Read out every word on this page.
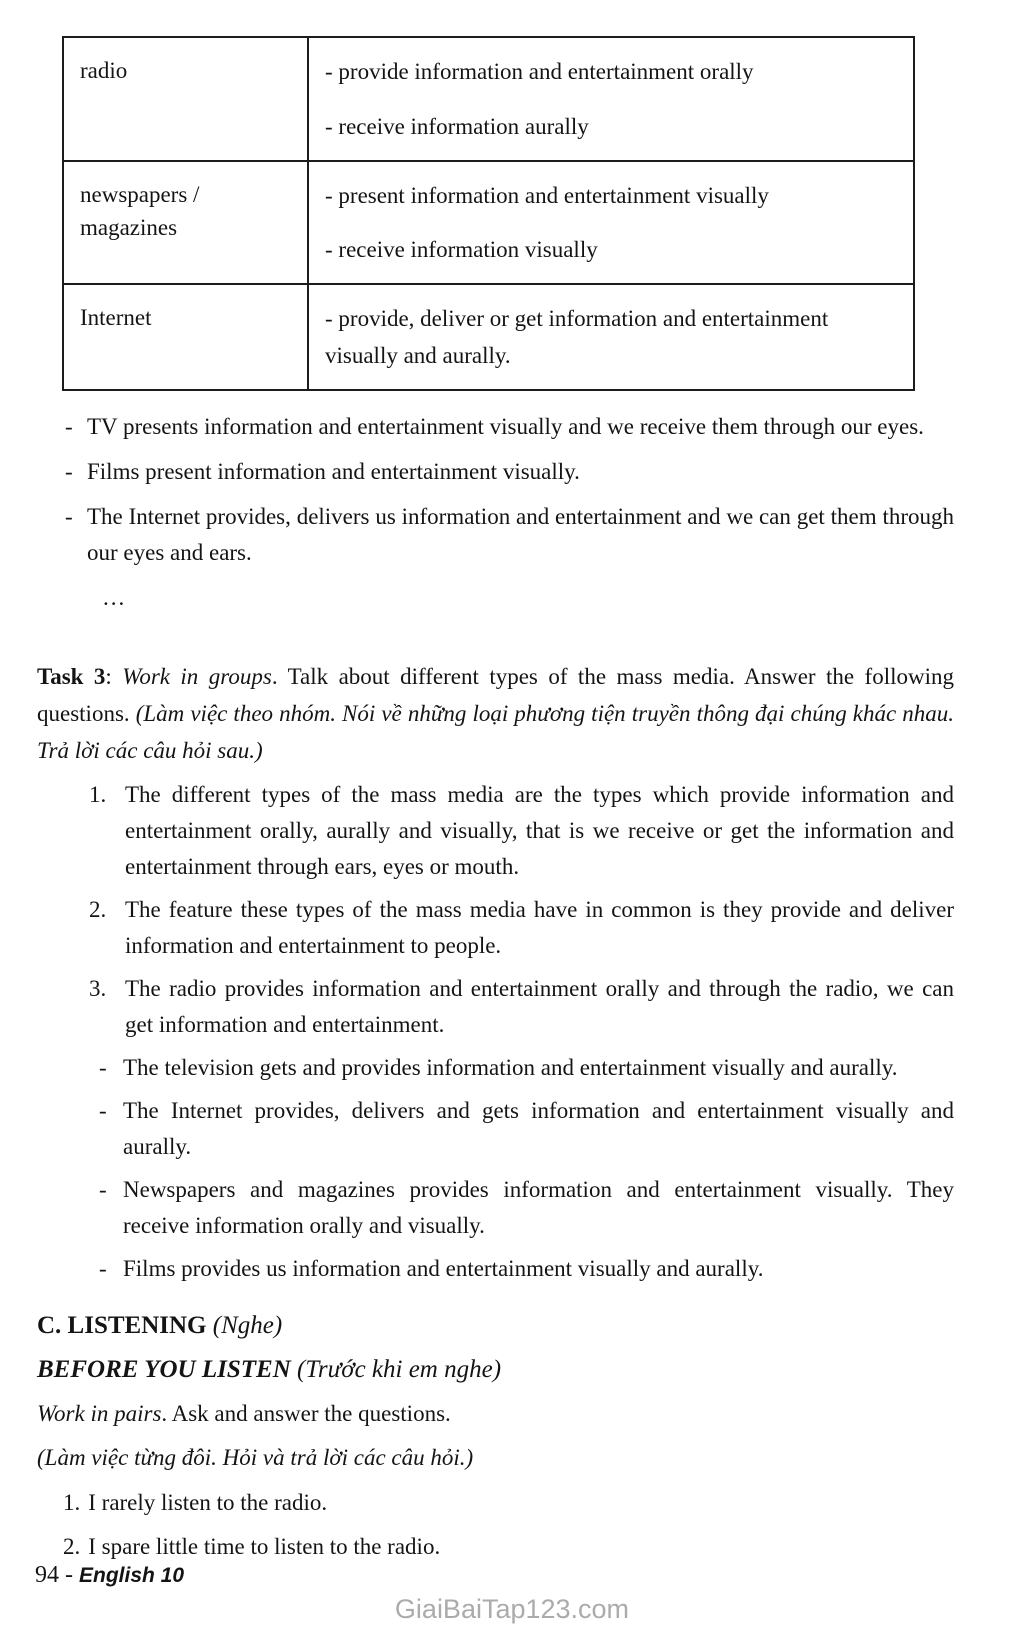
radio	- provide information and entertainment orally
- receive information aurally

newspapers / magazines	- present information and entertainment visually
- receive information visually

Internet	- provide, deliver or get information and entertainment visually and aurally.
- TV presents information and entertainment visually and we receive them through our eyes.
- Films present information and entertainment visually.
- The Internet provides, delivers us information and entertainment and we can get them through our eyes and ears.
...

Task 3: Work in groups. Talk about different types of the mass media. Answer the following questions. (Làm việc theo nhóm. Nói về những loại phương tiện truyền thông đại chúng khác nhau. Trả lời các câu hỏi sau.)

1. The different types of the mass media are the types which provide information and entertainment orally, aurally and visually, that is we receive or get the information and entertainment through ears, eyes or mouth.
2. The feature these types of the mass media have in common is they provide and deliver information and entertainment to people.
3. The radio provides information and entertainment orally and through the radio, we can get information and entertainment.
- The television gets and provides information and entertainment visually and aurally.
- The Internet provides, delivers and gets information and entertainment visually and aurally.
- Newspapers and magazines provides information and entertainment visually. They receive information orally and visually.
- Films provides us information and entertainment visually and aurally.
C. LISTENING (Nghe)
BEFORE YOU LISTEN (Trước khi em nghe)

Work in pairs. Ask and answer the questions.

(Làm việc từng đôi. Hỏi và trả lời các câu hỏi.)

1. I rarely listen to the radio.
2. I spare little time to listen to the radio.
94 - English 10
GiaiBaiTap123.com
